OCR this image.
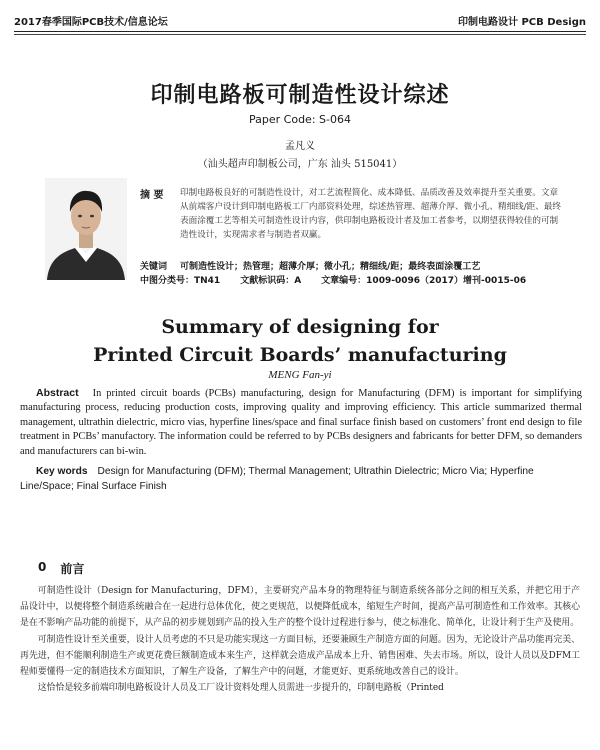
2017春季国际PCB技术/信息论坛	印制电路设计 PCB Design
印制电路板可制造性设计综述
Paper Code: S-064
孟凡义
（汕头超声印制板公司，广东 汕头 515041）
摘 要 印制电路板良好的可制造性设计，对工艺流程简化、成本降低、品质改善及效率提升至关重要。文章从前端客户设计到印制电路板工厂内部资料处理，综述热管理、超薄介厚、微小孔、精细线/距、最终表面涂覆工艺等相关可制造性设计内容，供印制电路板设计者及加工者参考，以期望获得较佳的可制造性设计，实现需求者与制造者双赢。
关键词 可制造性设计；热管理；超薄介厚；微小孔；精细线/距；最终表面涂覆工艺
中图分类号：TN41 文献标识码：A 文章编号：1009-0096（2017）增刊-0015-06
Summary of designing for
Printed Circuit Boards’ manufacturing
MENG Fan-yi
Abstract In printed circuit boards (PCBs) manufacturing, design for Manufacturing (DFM) is important for simplifying manufacturing process, reducing production costs, improving quality and improving efficiency. This article summarized thermal management, ultrathin dielectric, micro vias, hyperfine lines/space and final surface finish based on customers’ front end design to file treatment in PCBs’ manufactory. The information could be referred to by PCBs designers and fabricants for better DFM, so demanders and manufacturers can bi-win.
Key words Design for Manufacturing (DFM); Thermal Management; Ultrathin Dielectric; Micro Via; Hyperfine Line/Space; Final Surface Finish
0 前言

可制造性设计（Design for Manufacturing，DFM），主要研究产品本身的物理特征与制造系统各部分之间的相互关系，并把它用于产品设计中，以便将整个制造系统融合在一起进行总体优化，使之更规范，以便降低成本，缩短生产时间，提高产品可制造性和工作效率。其核心是在不影响产品功能的前提下，从产品的初步规划到产品的投入生产的整个设计过程进行参与，使之标准化、简单化，让设计利于生产及使用。

可制造性设计至关重要，设计人员考虑的不只是功能实现这一方面目标，还要兼顾生产制造方面的问题。因为，无论设计产品功能再完美、再先进，但不能顺利制造生产或更花费巨额制造成本来生产，这样就会造成产品成本上升、销售困难、失去市场。所以，设计人员以及DFM工程师要懂得一定的制造技术方面知识，了解生产设备，了解生产中的问题，才能更好、更系统地改善自己的设计。

这恰恰是较多前端印制电路板设计人员及工厂设计资料处理人员需进一步提升的，印制电路板（Printed
